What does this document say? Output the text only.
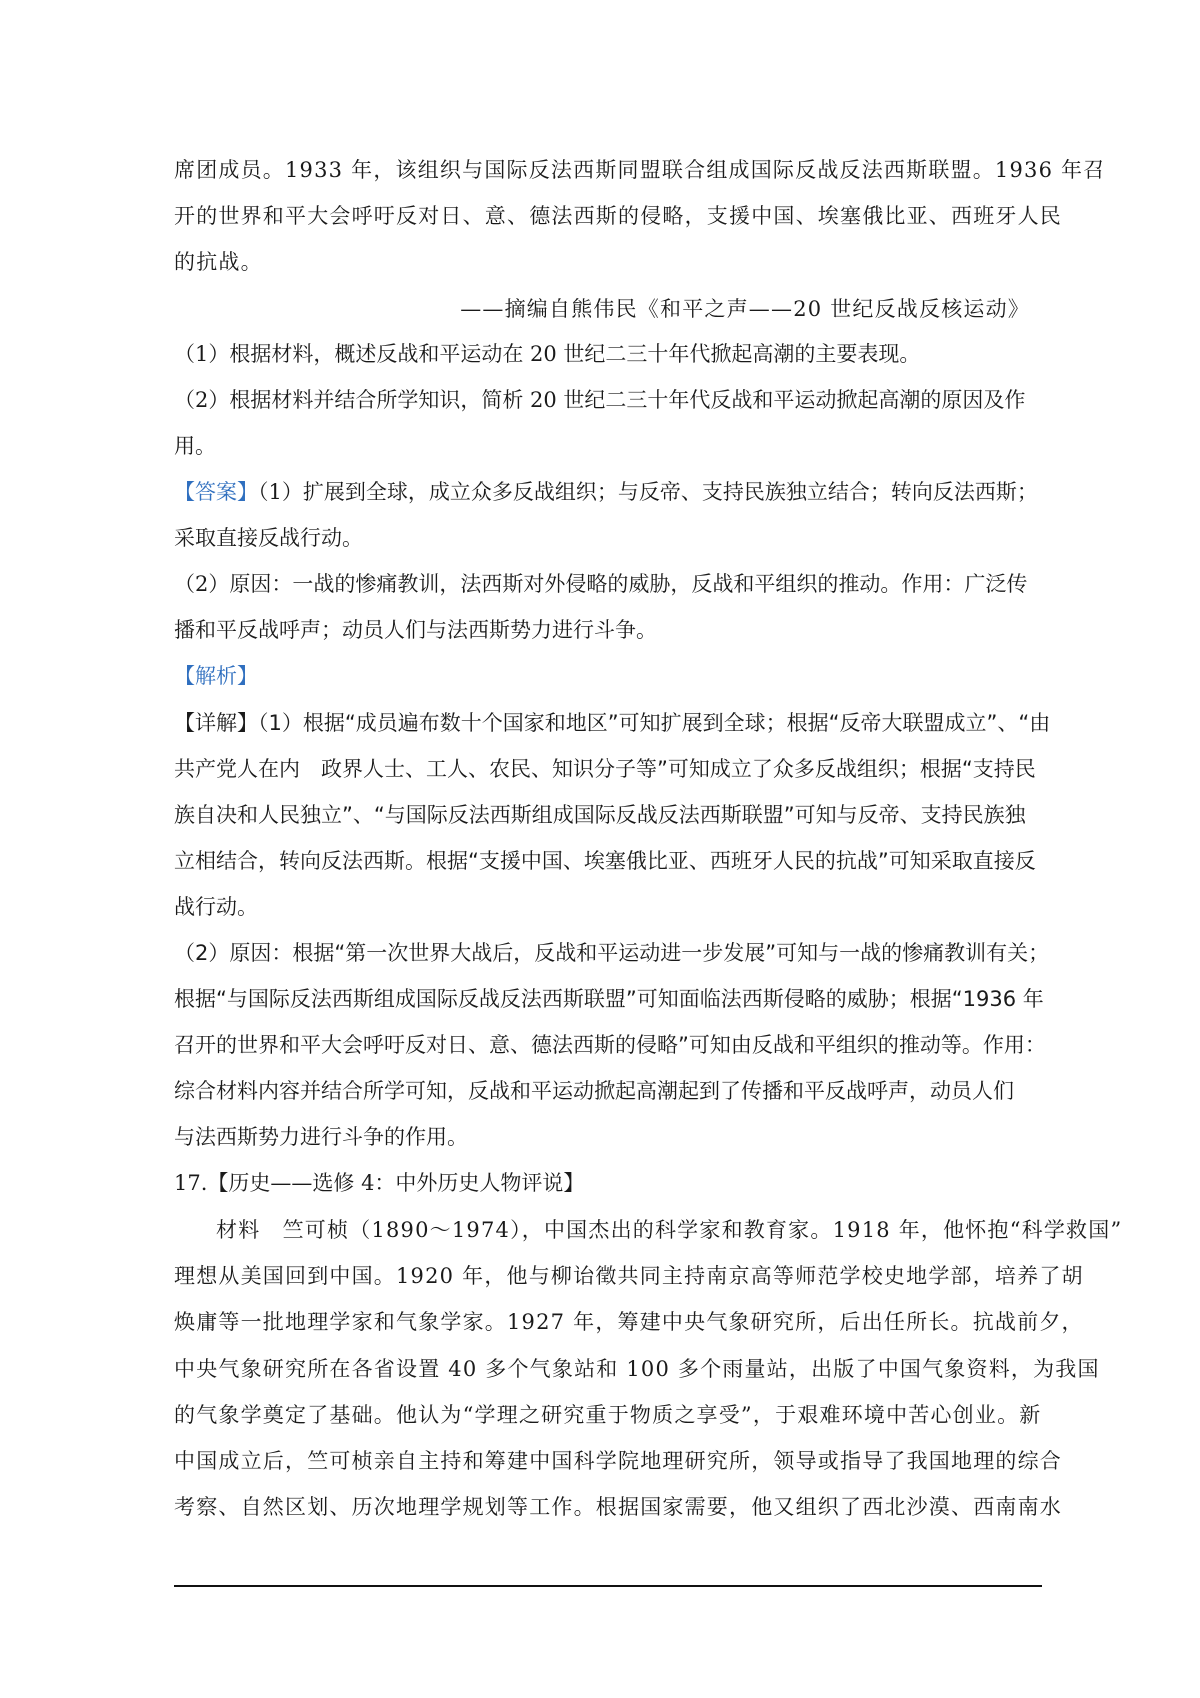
席团成员。1933 年，该组织与国际反法西斯同盟联合组成国际反战反法西斯联盟。1936 年召
开的世界和平大会呼吁反对日、意、德法西斯的侵略，支援中国、埃塞俄比亚、西班牙人民
的抗战。
——摘编自熊伟民《和平之声——20 世纪反战反核运动》
（1）根据材料，概述反战和平运动在 20 世纪二三十年代掀起高潮的主要表现。
（2）根据材料并结合所学知识，简析 20 世纪二三十年代反战和平运动掀起高潮的原因及作
用。
【答案】（1）扩展到全球，成立众多反战组织；与反帝、支持民族独立结合；转向反法西斯；
采取直接反战行动。
（2）原因：一战的惨痛教训，法西斯对外侵略的威胁，反战和平组织的推动。作用：广泛传
播和平反战呼声；动员人们与法西斯势力进行斗争。
【解析】
【详解】（1）根据“成员遍布数十个国家和地区”可知扩展到全球；根据“反帝大联盟成立”、“由
共产党人在内　政界人士、工人、农民、知识分子等”可知成立了众多反战组织；根据“支持民
族自决和人民独立”、“与国际反法西斯组成国际反战反法西斯联盟”可知与反帝、支持民族独
立相结合，转向反法西斯。根据“支援中国、埃塞俄比亚、西班牙人民的抗战”可知采取直接反
战行动。
（2）原因：根据“第一次世界大战后，反战和平运动进一步发展”可知与一战的惨痛教训有关；
根据“与国际反法西斯组成国际反战反法西斯联盟”可知面临法西斯侵略的威胁；根据“1936 年
召开的世界和平大会呼吁反对日、意、德法西斯的侵略”可知由反战和平组织的推动等。作用：
综合材料内容并结合所学可知，反战和平运动掀起高潮起到了传播和平反战呼声，动员人们
与法西斯势力进行斗争的作用。
17.【历史——选修 4：中外历史人物评说】
材料　竺可桢（1890～1974），中国杰出的科学家和教育家。1918 年，他怀抱“科学救国”
理想从美国回到中国。1920 年，他与柳诒徵共同主持南京高等师范学校史地学部，培养了胡
焕庸等一批地理学家和气象学家。1927 年，筹建中央气象研究所，后出任所长。抗战前夕，
中央气象研究所在各省设置 40 多个气象站和 100 多个雨量站，出版了中国气象资料，为我国
的气象学奠定了基础。他认为“学理之研究重于物质之享受”，于艰难环境中苦心创业。新
中国成立后，竺可桢亲自主持和筹建中国科学院地理研究所，领导或指导了我国地理的综合
考察、自然区划、历次地理学规划等工作。根据国家需要，他又组织了西北沙漠、西南南水
